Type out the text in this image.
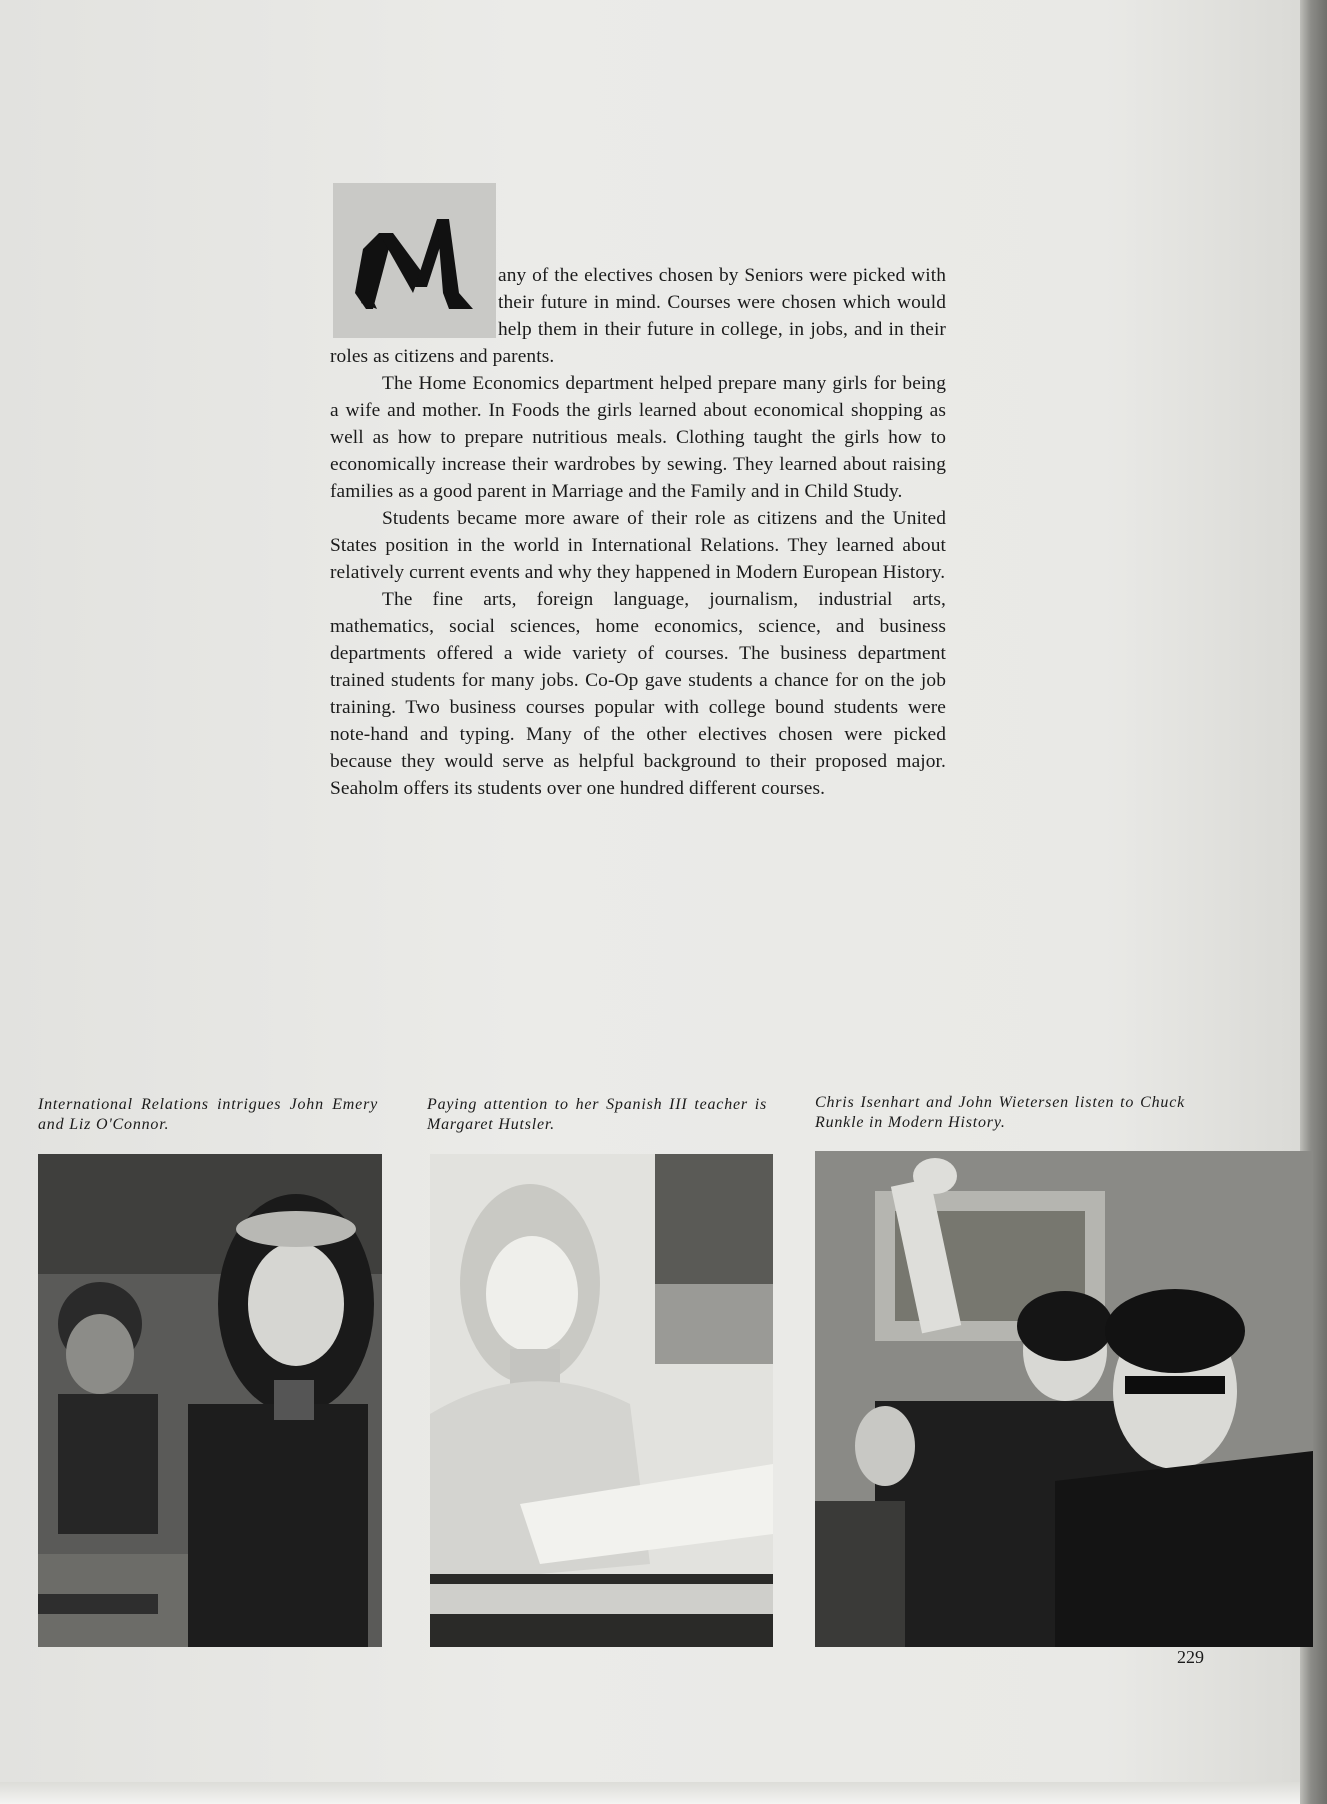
any of the electives chosen by Seniors were picked with their future in mind. Courses were chosen which would help them in their future in college, in jobs, and in their roles as citizens and parents.

The Home Economics department helped prepare many girls for being a wife and mother. In Foods the girls learned about economical shopping as well as how to prepare nutritious meals. Clothing taught the girls how to economically increase their wardrobes by sewing. They learned about raising families as a good parent in Marriage and the Family and in Child Study.

Students became more aware of their role as citizens and the United States position in the world in International Relations. They learned about relatively current events and why they happened in Modern European History.

The fine arts, foreign language, journalism, industrial arts, mathematics, social sciences, home economics, science, and business departments offered a wide variety of courses. The business department trained students for many jobs. Co-Op gave students a chance for on the job training. Two business courses popular with college bound students were note-hand and typing. Many of the other electives chosen were picked because they would serve as helpful background to their proposed major. Seaholm offers its students over one hundred different courses.

International Relations intrigues John Emery and Liz O'Connor.
Paying attention to her Spanish III teacher is Margaret Hutsler.
Chris Isenhart and John Wietersen listen to Chuck Runkle in Modern History.
229
